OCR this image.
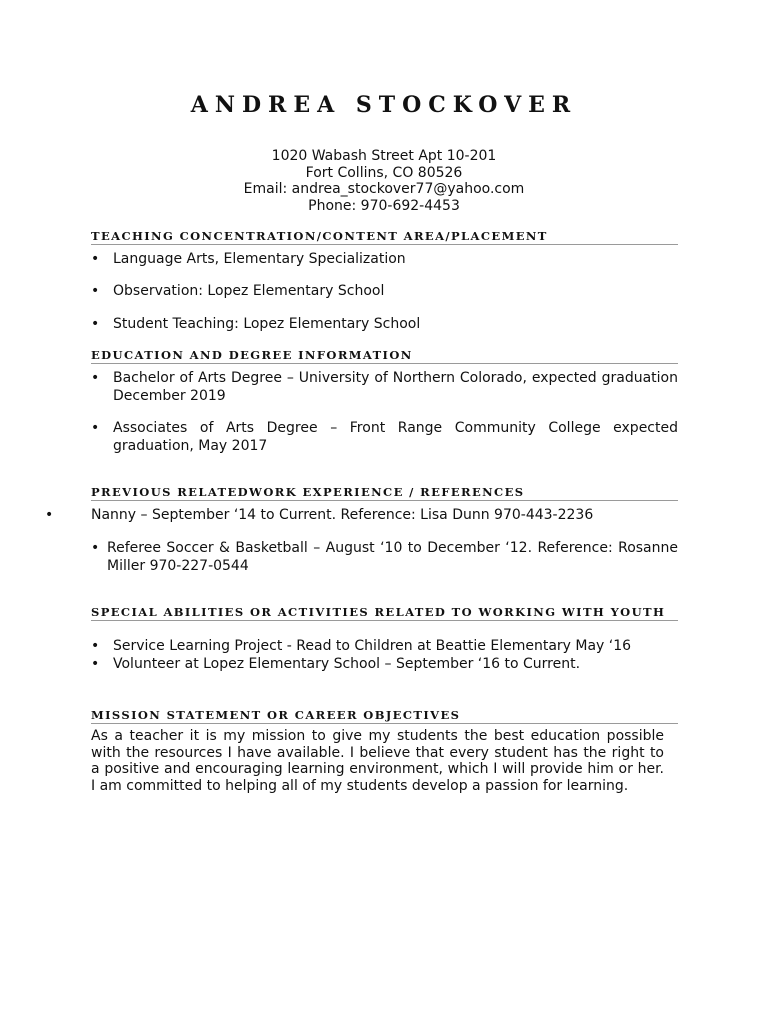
ANDREA STOCKOVER
1020 Wabash Street Apt 10-201
Fort Collins, CO 80526
Email: andrea_stockover77@yahoo.com
Phone: 970-692-4453
TEACHING CONCENTRATION/CONTENT AREA/PLACEMENT
• Language Arts, Elementary Specialization
• Observation: Lopez Elementary School
• Student Teaching: Lopez Elementary School
EDUCATION AND DEGREE INFORMATION
• Bachelor of Arts Degree – University of Northern Colorado, expected graduation December 2019
• Associates of Arts Degree – Front Range Community College expected graduation, May 2017
PREVIOUS RELATEDWORK EXPERIENCE / REFERENCES
•	Nanny – September ‘14 to Current. Reference: Lisa Dunn 970-443-2236
• Referee Soccer & Basketball – August ‘10 to December ‘12. Reference: Rosanne Miller 970-227-0544
SPECIAL ABILITIES OR ACTIVITIES RELATED TO WORKING WITH YOUTH
• Service Learning Project - Read to Children at Beattie Elementary May ‘16
• Volunteer at Lopez Elementary School – September ‘16 to Current.
MISSION STATEMENT OR CAREER OBJECTIVES
As a teacher it is my mission to give my students the best education possible with the resources I have available. I believe that every student has the right to a positive and encouraging learning environment, which I will provide him or her. I am committed to helping all of my students develop a passion for learning.
